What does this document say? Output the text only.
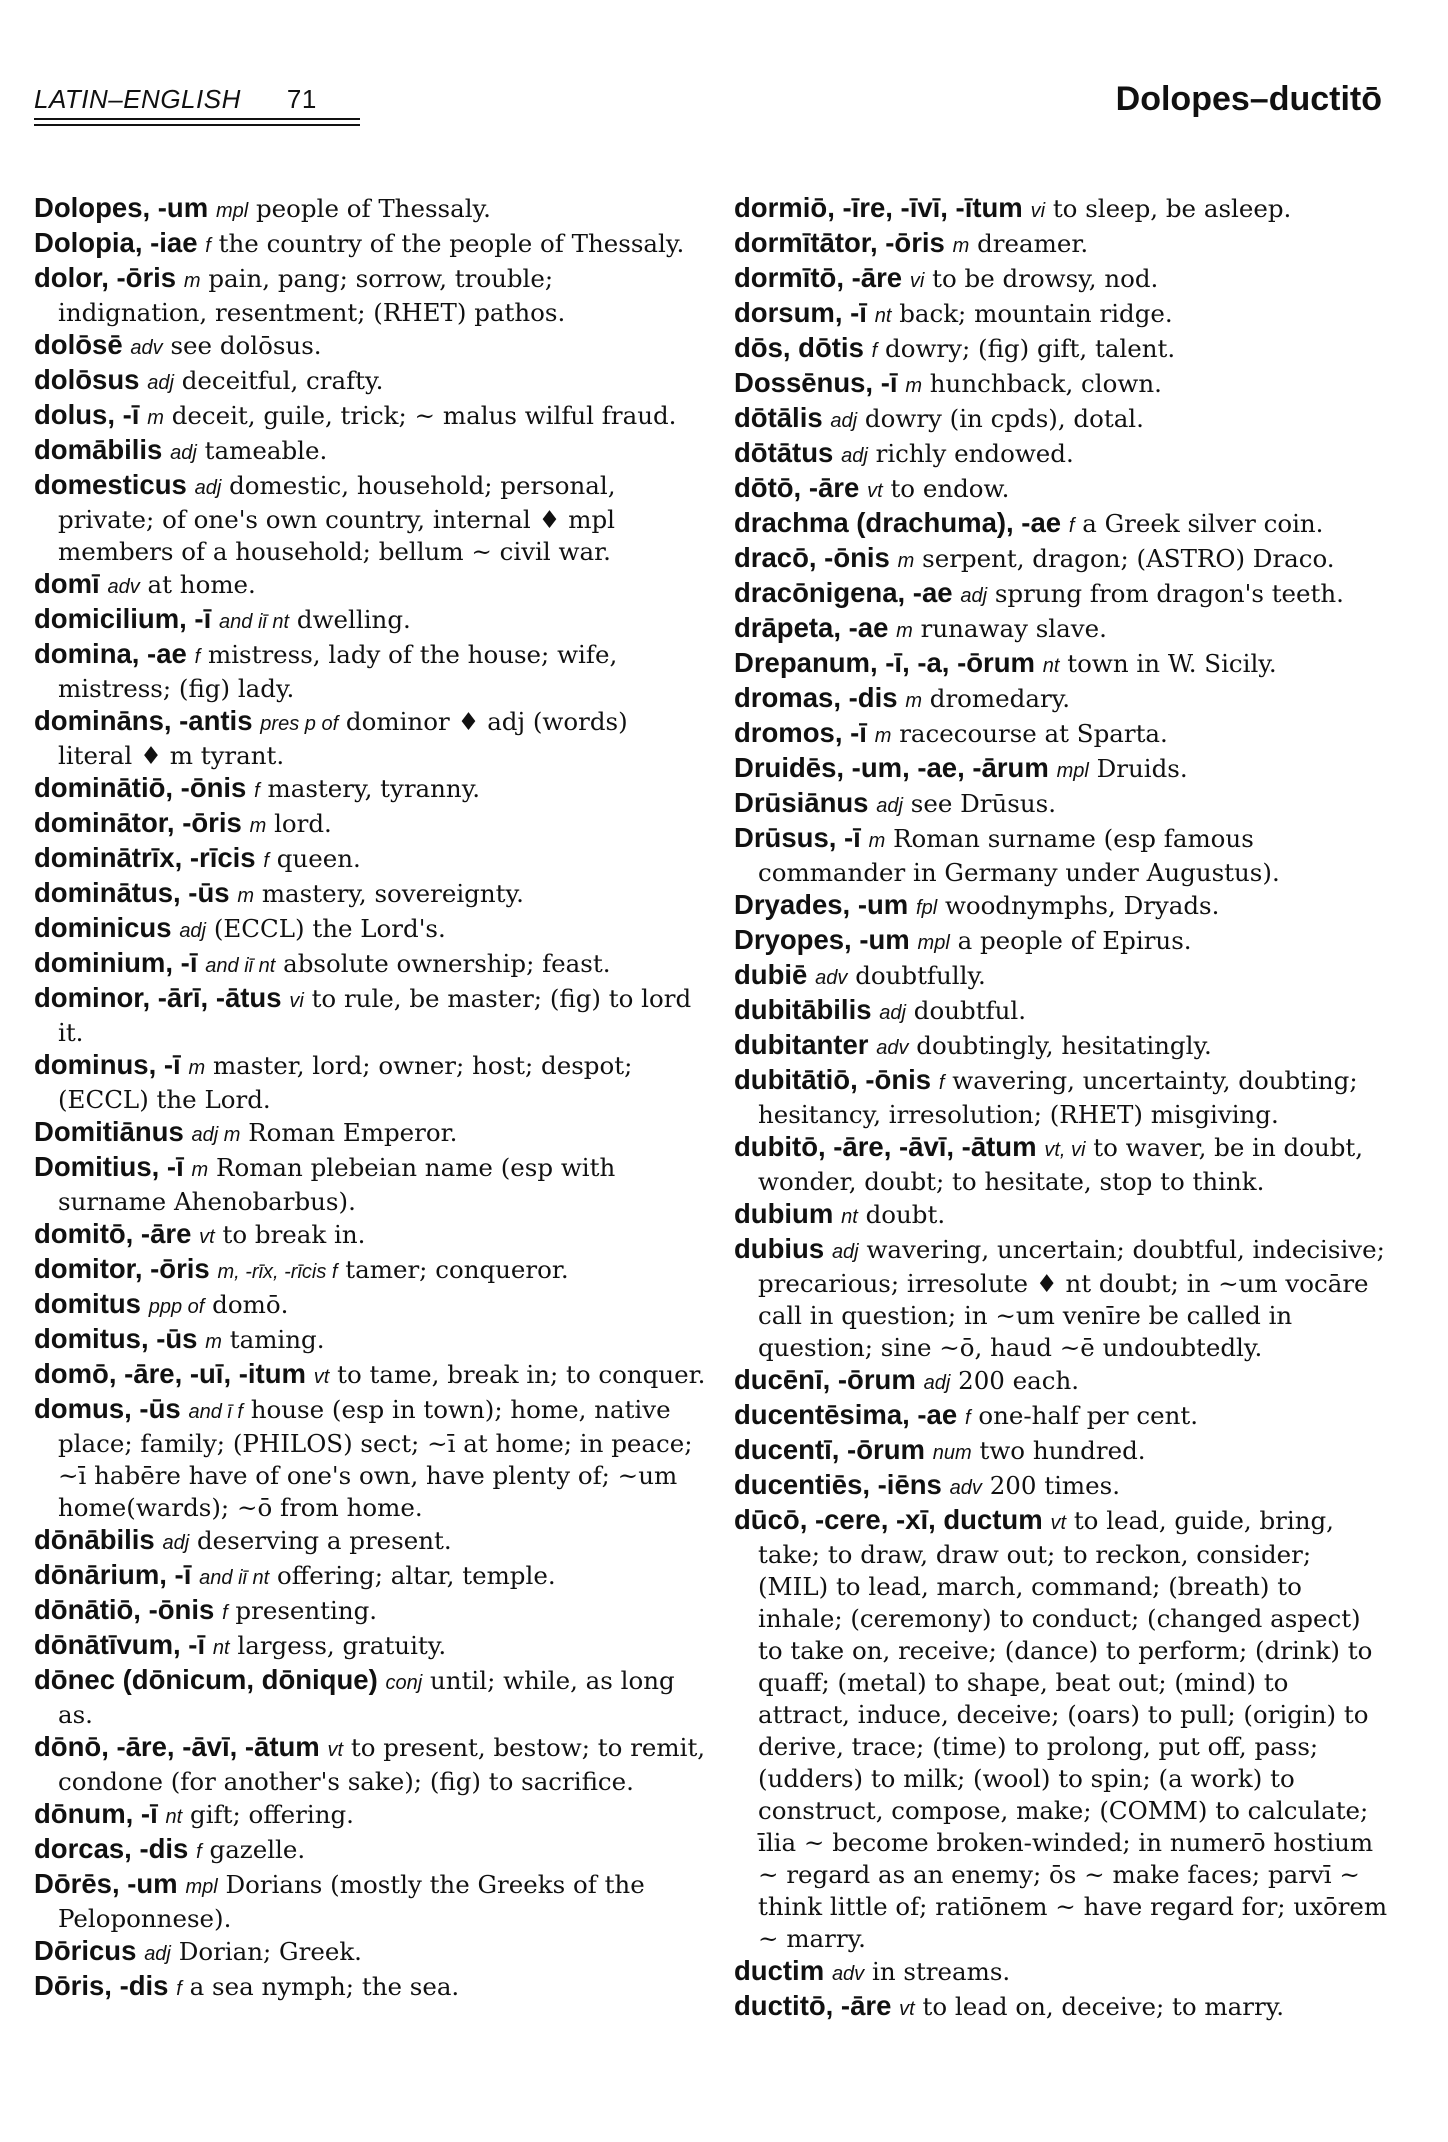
LATIN–ENGLISH 71	Dolopes–ductitō
Dolopes, -um mpl people of Thessaly.
Dolopia, -iae f the country of the people of Thessaly.
dolor, -ōris m pain, pang; sorrow, trouble; indignation, resentment; (RHET) pathos.
dolōsē adv see dolōsus.
dolōsus adj deceitful, crafty.
dolus, -ī m deceit, guile, trick; ~ malus wilful fraud.
domābilis adj tameable.
domesticus adj domestic, household; personal, private; of one's own country, internal ♦ mpl members of a household; bellum ~ civil war.
domī adv at home.
domicilium, -ī and iī nt dwelling.
domina, -ae f mistress, lady of the house; wife, mistress; (fig) lady.
domināns, -antis pres p of dominor ♦ adj (words) literal ♦ m tyrant.
dominātiō, -ōnis f mastery, tyranny.
dominātor, -ōris m lord.
dominātrīx, -rīcis f queen.
dominātus, -ūs m mastery, sovereignty.
dominicus adj (ECCL) the Lord's.
dominium, -ī and iī nt absolute ownership; feast.
dominor, -ārī, -ātus vi to rule, be master; (fig) to lord it.
dominus, -ī m master, lord; owner; host; despot; (ECCL) the Lord.
Domitiānus adj m Roman Emperor.
Domitius, -ī m Roman plebeian name (esp with surname Ahenobarbus).
domitō, -āre vt to break in.
domitor, -ōris m, -rīx, -rīcis f tamer; conqueror.
domitus ppp of domō.
domitus, -ūs m taming.
domō, -āre, -uī, -itum vt to tame, break in; to conquer.
domus, -ūs and ī f house (esp in town); home, native place; family; (PHILOS) sect; ~ī at home; in peace; ~ī habēre have of one's own, have plenty of; ~um home(wards); ~ō from home.
dōnābilis adj deserving a present.
dōnārium, -ī and iī nt offering; altar, temple.
dōnātiō, -ōnis f presenting.
dōnātīvum, -ī nt largess, gratuity.
dōnec (dōnicum, dōnique) conj until; while, as long as.
dōnō, -āre, -āvī, -ātum vt to present, bestow; to remit, condone (for another's sake); (fig) to sacrifice.
dōnum, -ī nt gift; offering.
dorcas, -dis f gazelle.
Dōrēs, -um mpl Dorians (mostly the Greeks of the Peloponnese).
Dōricus adj Dorian; Greek.
Dōris, -dis f a sea nymph; the sea.
dormiō, -īre, -īvī, -ītum vi to sleep, be asleep.
dormītātor, -ōris m dreamer.
dormītō, -āre vi to be drowsy, nod.
dorsum, -ī nt back; mountain ridge.
dōs, dōtis f dowry; (fig) gift, talent.
Dossēnus, -ī m hunchback, clown.
dōtālis adj dowry (in cpds), dotal.
dōtātus adj richly endowed.
dōtō, -āre vt to endow.
drachma (drachuma), -ae f a Greek silver coin.
dracō, -ōnis m serpent, dragon; (ASTRO) Draco.
dracōnigena, -ae adj sprung from dragon's teeth.
drāpeta, -ae m runaway slave.
Drepanum, -ī, -a, -ōrum nt town in W. Sicily.
dromas, -dis m dromedary.
dromos, -ī m racecourse at Sparta.
Druidēs, -um, -ae, -ārum mpl Druids.
Drūsiānus adj see Drūsus.
Drūsus, -ī m Roman surname (esp famous commander in Germany under Augustus).
Dryades, -um fpl woodnymphs, Dryads.
Dryopes, -um mpl a people of Epirus.
dubiē adv doubtfully.
dubitābilis adj doubtful.
dubitanter adv doubtingly, hesitatingly.
dubitātiō, -ōnis f wavering, uncertainty, doubting; hesitancy, irresolution; (RHET) misgiving.
dubitō, -āre, -āvī, -ātum vt, vi to waver, be in doubt, wonder, doubt; to hesitate, stop to think.
dubium nt doubt.
dubius adj wavering, uncertain; doubtful, indecisive; precarious; irresolute ♦ nt doubt; in ~um vocāre call in question; in ~um venīre be called in question; sine ~ō, haud ~ē undoubtedly.
ducēnī, -ōrum adj 200 each.
ducentēsima, -ae f one-half per cent.
ducentī, -ōrum num two hundred.
ducentiēs, -iēns adv 200 times.
dūcō, -cere, -xī, ductum vt to lead, guide, bring, take; to draw, draw out; to reckon, consider; (MIL) to lead, march, command; (breath) to inhale; (ceremony) to conduct; (changed aspect) to take on, receive; (dance) to perform; (drink) to quaff; (metal) to shape, beat out; (mind) to attract, induce, deceive; (oars) to pull; (origin) to derive, trace; (time) to prolong, put off, pass; (udders) to milk; (wool) to spin; (a work) to construct, compose, make; (COMM) to calculate; īlia ~ become broken-winded; in numerō hostium ~ regard as an enemy; ōs ~ make faces; parvī ~ think little of; ratiōnem ~ have regard for; uxōrem ~ marry.
ductim adv in streams.
ductitō, -āre vt to lead on, deceive; to marry.
